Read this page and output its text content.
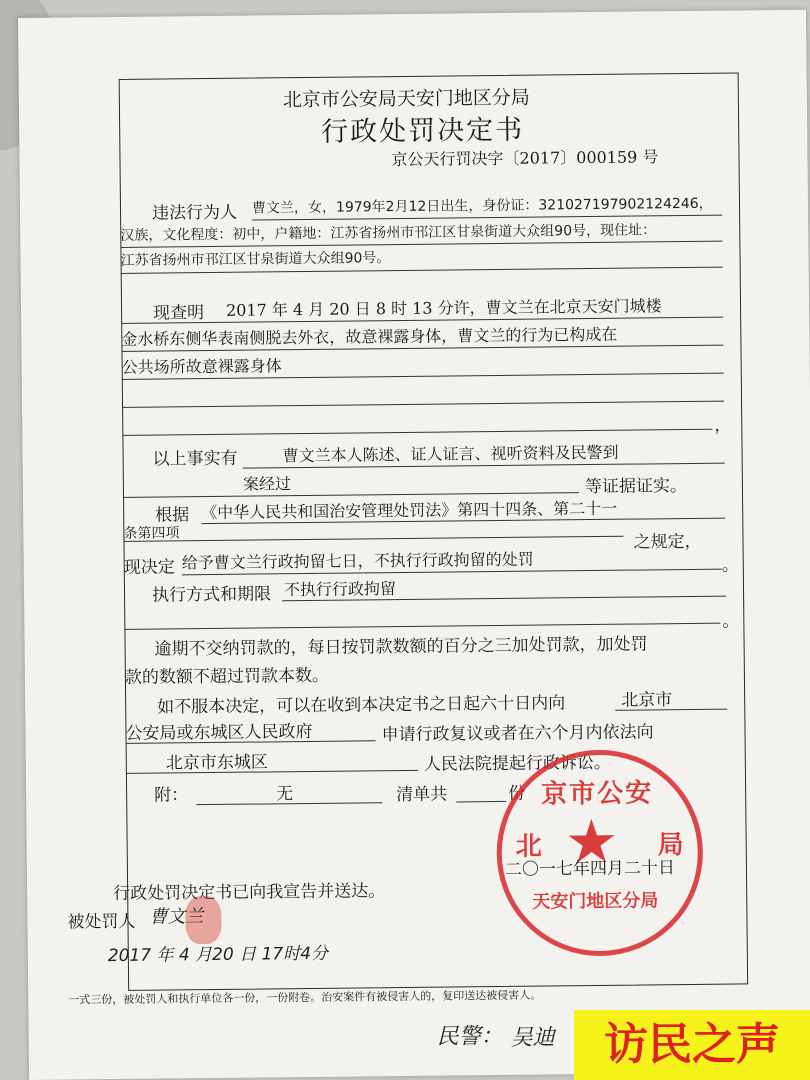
北京市公安局天安门地区分局
行政处罚决定书
京公天行罚决字〔2017〕000159 号
违法行为人 曹文兰，女，1979年2月12日出生，身份证：321027197902124246，
汉族，文化程度：初中，户籍地：江苏省扬州市邗江区甘泉街道大众组90号，现住址：
江苏省扬州市邗江区甘泉街道大众组90号。
现查明 2017 年 4 月 20 日 8 时 13 分许，曹文兰在北京天安门城楼
金水桥东侧华表南侧脱去外衣，故意裸露身体，曹文兰的行为已构成在
公共场所故意裸露身体
，
以上事实有	曹文兰本人陈述、证人证言、视听资料及民警到
案经过	等证据证实。
根据 《中华人民共和国治安管理处罚法》第四十四条、第二十一
条第四项	之规定，
现决定 给予曹文兰行政拘留七日，不执行行政拘留的处罚	。
执行方式和期限 不执行行政拘留
。
逾期不交纳罚款的，每日按罚款数额的百分之三加处罚款，加处罚
款的数额不超过罚款本数。
如不服本决定，可以在收到本决定书之日起六十日内向	北京市
公安局或东城区人民政府	申请行政复议或者在六个月内依法向
北京市东城区	人民法院提起行政诉讼。
附：	无	清单共	份
北
京市公安
局
★
天安门地区分局
二〇一七年四月二十日
行政处罚决定书已向我宣告并送达。
被处罚人 曹文兰
2017 年 4 月20 日 17时4分
一式三份，被处罚人和执行单位各一份，一份附卷。治安案件有被侵害人的，复印送达被侵害人。
民警： 吴迪	访民之声
